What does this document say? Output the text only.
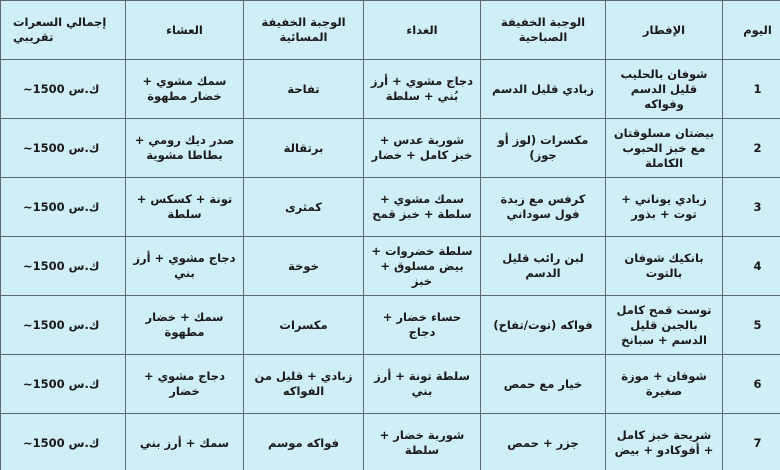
اليوم	الإفطار	الوجبة الخفيفة الصباحية	الغداء	الوجبة الخفيفة المسائية	العشاء	إجمالي السعرات تقريبي
1	شوفان بالحليب قليل الدسم وفواكه	زبادي قليل الدسم	دجاج مشوي + أرز بُني + سلطة	تفاحة	سمك مشوي + خضار مطهوة	~1500 ك.س
2	بيضتان مسلوقتان مع خبز الحبوب الكاملة	مكسرات (لوز أو جوز)	شوربة عدس + خبز كامل + خضار	برتقالة	صدر ديك رومي + بطاطا مشوية	~1500 ك.س
3	زبادي يوناني + توت + بذور	كرفس مع زبدة فول سوداني	سمك مشوي + سلطة + خبز قمح	كمثرى	تونة + كسكس + سلطة	~1500 ك.س
4	بانكيك شوفان بالتوت	لبن رائب قليل الدسم	سلطة خضروات + بيض مسلوق + خبز	خوخة	دجاج مشوي + أرز بني	~1500 ك.س
5	توست قمح كامل بالجبن قليل الدسم + سبانخ	فواكه (توت/تفاح)	حساء خضار + دجاج	مكسرات	سمك + خضار مطهوة	~1500 ك.س
6	شوفان + موزة صغيرة	خيار مع حمص	سلطة تونة + أرز بني	زبادي + قليل من الفواكه	دجاج مشوي + خضار	~1500 ك.س
7	شريحة خبز كامل + أفوكادو + بيض	جزر + حمص	شوربة خضار + سلطة	فواكه موسم	سمك + أرز بني	~1500 ك.س
